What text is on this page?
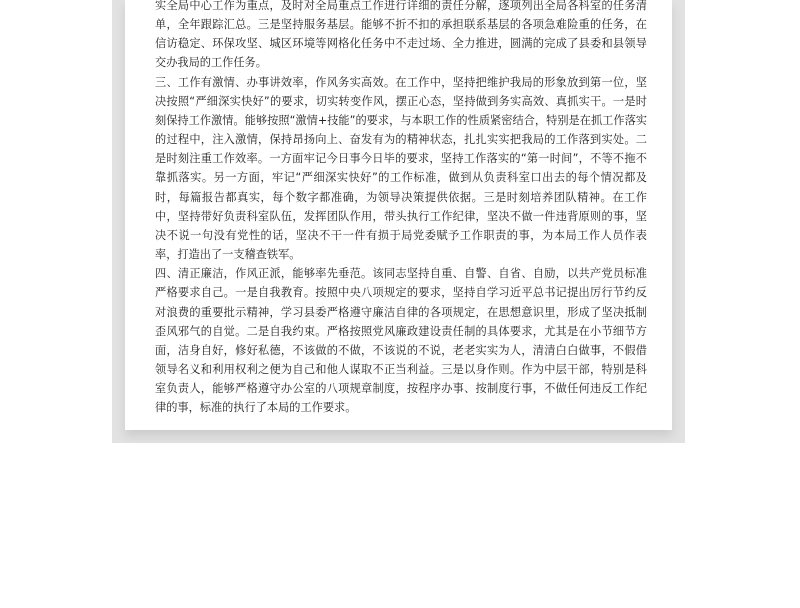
实全局中心工作为重点，及时对全局重点工作进行详细的责任分解，逐项列出全局各科室的任务清单，全年跟踪汇总。三是坚持服务基层。能够不折不扣的承担联系基层的各项急难险重的任务，在信访稳定、环保攻坚、城区环境等网格化任务中不走过场、全力推进，圆满的完成了县委和县领导交办我局的工作任务。

三、工作有激情、办事讲效率，作风务实高效。在工作中，坚持把维护我局的形象放到第一位，坚决按照“严细深实快好”的要求，切实转变作风，摆正心态，坚持做到务实高效、真抓实干。一是时刻保持工作激情。能够按照“激情+技能”的要求，与本职工作的性质紧密结合，特别是在抓工作落实的过程中，注入激情，保持昂扬向上、奋发有为的精神状态，扎扎实实把我局的工作落到实处。二是时刻注重工作效率。一方面牢记今日事今日毕的要求，坚持工作落实的“第一时间”，不等不拖不靠抓落实。另一方面，牢记“严细深实快好”的工作标准，做到从负责科室口出去的每个情况都及时，每篇报告都真实，每个数字都准确，为领导决策提供依据。三是时刻培养团队精神。在工作中，坚持带好负责科室队伍，发挥团队作用，带头执行工作纪律，坚决不做一件违背原则的事，坚决不说一句没有党性的话，坚决不干一件有损于局党委赋予工作职责的事，为本局工作人员作表率，打造出了一支稽查铁军。

四、清正廉洁，作风正派，能够率先垂范。该同志坚持自重、自警、自省、自励，以共产党员标准严格要求自己。一是自我教育。按照中央八项规定的要求，坚持自学习近平总书记提出厉行节约反对浪费的重要批示精神，学习县委严格遵守廉洁自律的各项规定，在思想意识里，形成了坚决抵制歪风邪气的自觉。二是自我约束。严格按照党风廉政建设责任制的具体要求，尤其是在小节细节方面，洁身自好，修好私德，不该做的不做，不该说的不说，老老实实为人，清清白白做事，不假借领导名义和利用权利之便为自己和他人谋取不正当利益。三是以身作则。作为中层干部，特别是科室负责人，能够严格遵守办公室的八项规章制度，按程序办事、按制度行事，不做任何违反工作纪律的事，标准的执行了本局的工作要求。
